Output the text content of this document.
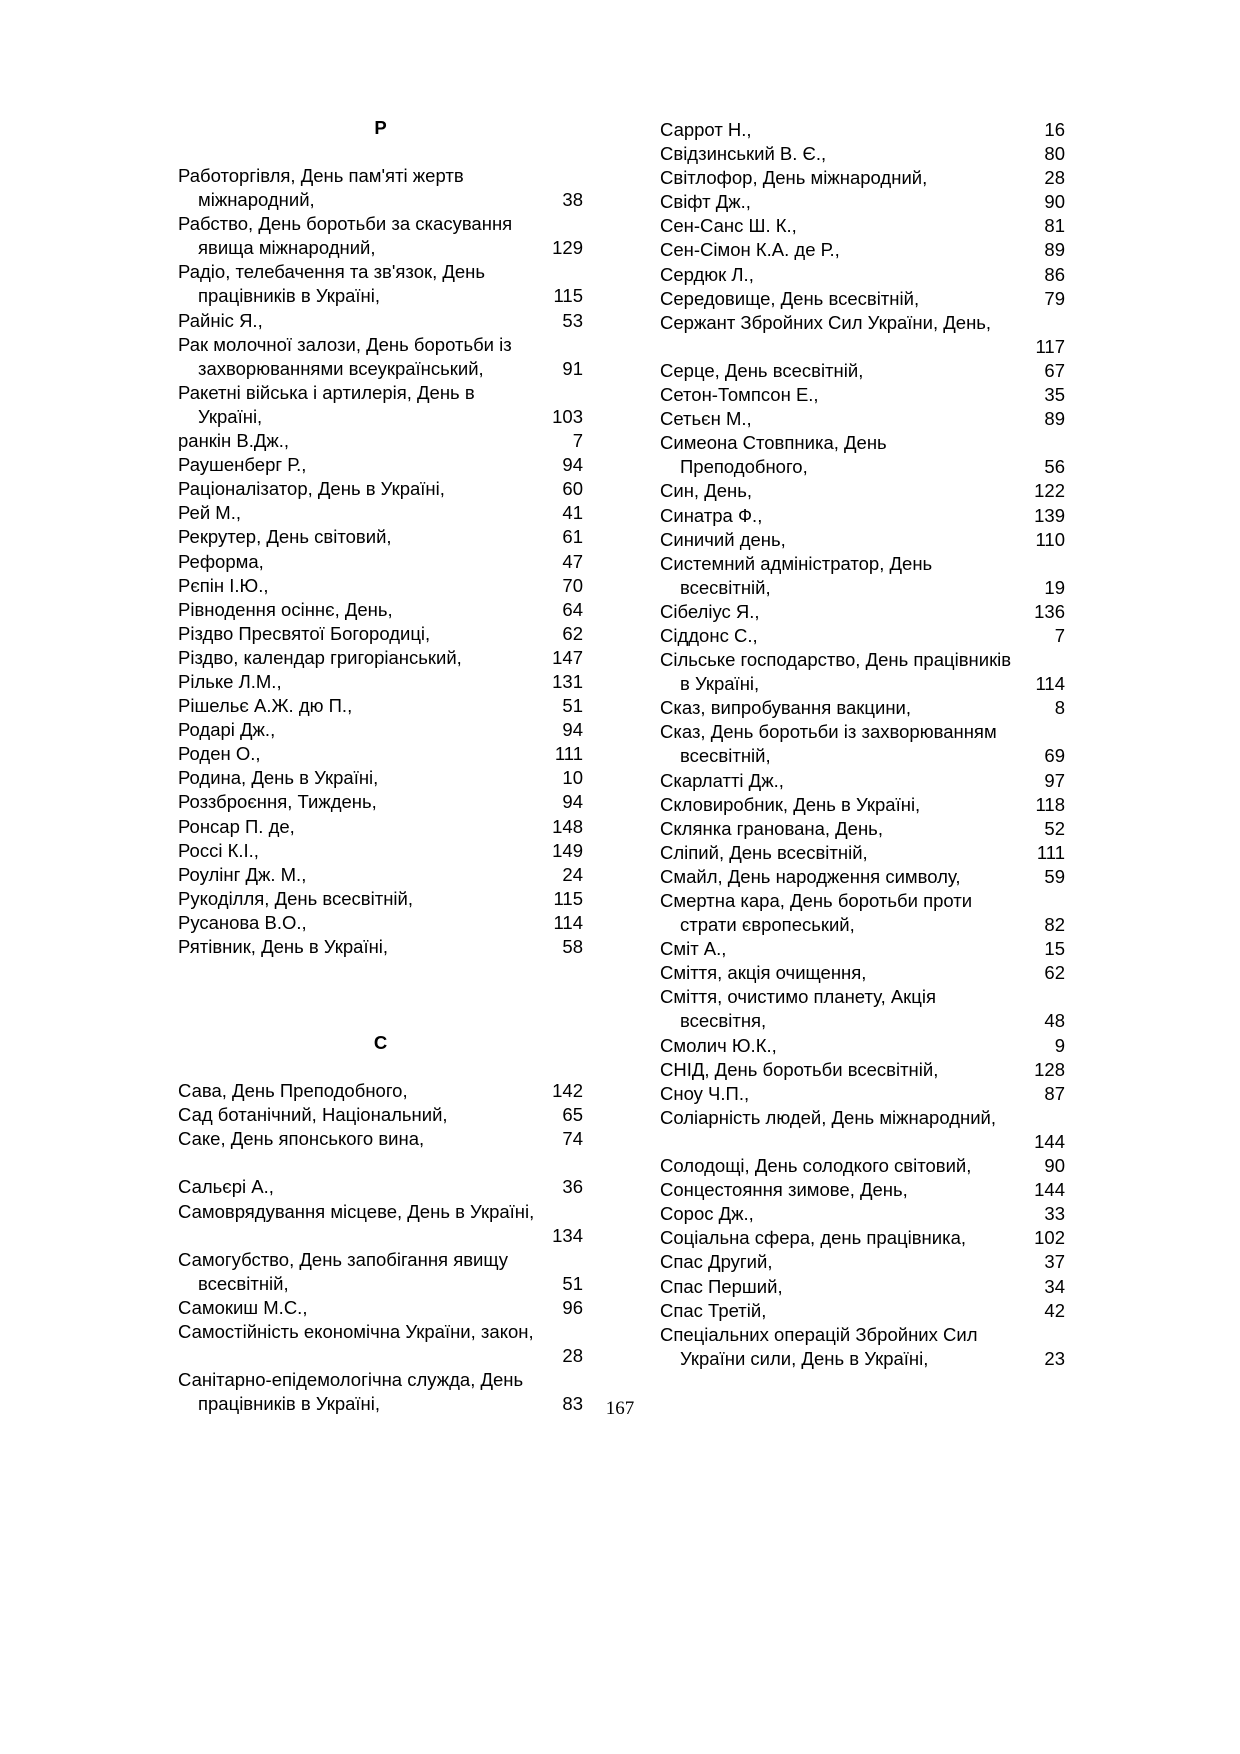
Р
Работоргівля, День пам'яті жертв
міжнародний,	38
Рабство, День боротьби за скасування
явища міжнародний,	129
Радіо, телебачення та зв'язок, День
працівників в Україні,	115
Райніс Я.,	53
Рак молочної залози, День боротьби із
захворюваннями всеукраїнський,	91
Ракетні війська і артилерія, День в
Україні,	103
ранкін В.Дж.,	7
Раушенберг Р.,	94
Раціоналізатор, День в Україні,	60
Рей М.,	41
Рекрутер, День світовий,	61
Реформа,	47
Рєпін І.Ю.,	70
Рівнодення осіннє, День,	64
Різдво Пресвятої Богородиці,	62
Різдво, календар григоріанський,	147
Рільке Л.М.,	131
Рішельє А.Ж. дю П.,	51
Родарі Дж.,	94
Роден О.,	111
Родина, День в Україні,	10
Роззброєння, Тиждень,	94
Ронсар П. де,	148
Россі К.І.,	149
Роулінг Дж. М.,	24
Рукоділля, День всесвітній,	115
Русанова В.О.,	114
Рятівник, День в Україні,	58
С
Сава, День Преподобного,	142
Сад ботанічний, Національний,	65
Саке, День японського вина,	74
Сальєрі А.,	36
Самоврядування місцеве, День в Україні,
134
Самогубство, День запобігання явищу
всесвітній,	51
Самокиш М.С.,	96
Самостійність економічна України, закон,
28
Санітарно-епідемологічна служда, День
працівників в Україні,	83
Саррот Н.,	16
Свідзинський В. Є.,	80
Світлофор, День міжнародний,	28
Свіфт Дж.,	90
Сен-Санс Ш. К.,	81
Сен-Сімон К.А. де Р.,	89
Сердюк Л.,	86
Середовище, День всесвітній,	79
Сержант Збройних Сил України, День,
117
Серце, День всесвітній,	67
Сетон-Томпсон Е.,	35
Сетьєн М.,	89
Симеона Стовпника, День
Преподобного,	56
Син, День,	122
Синатра Ф.,	139
Синичий день,	110
Системний адміністратор, День
всесвітній,	19
Сібелiус Я.,	136
Сіддонс С.,	7
Сільське господарство, День працівників
в Україні,	114
Сказ, випробування вакцини,	8
Сказ, День боротьби із захворюванням
всесвітній,	69
Скарлатті Дж.,	97
Скловиробник, День в Україні,	118
Склянка гранована, День,	52
Сліпий, День всесвітній,	111
Смайл, День народження символу,	59
Смертна кара, День боротьби проти
страти європеський,	82
Сміт А.,	15
Сміття, акція очищення,	62
Сміття, очистимо планету, Акція
всесвітня,	48
Смолич Ю.К.,	9
СНІД, День боротьби всесвітній,	128
Сноу Ч.П.,	87
Соліарність людей, День міжнародний,
144
Солодощі, День солодкого світовий,	90
Сонцестояння зимове, День,	144
Сорос Дж.,	33
Соціальна сфера, день працівника,	102
Спас Другий,	37
Спас Перший,	34
Спас Третій,	42
Спеціальних операцій Збройних Сил
України сили, День в Україні,	23
167
